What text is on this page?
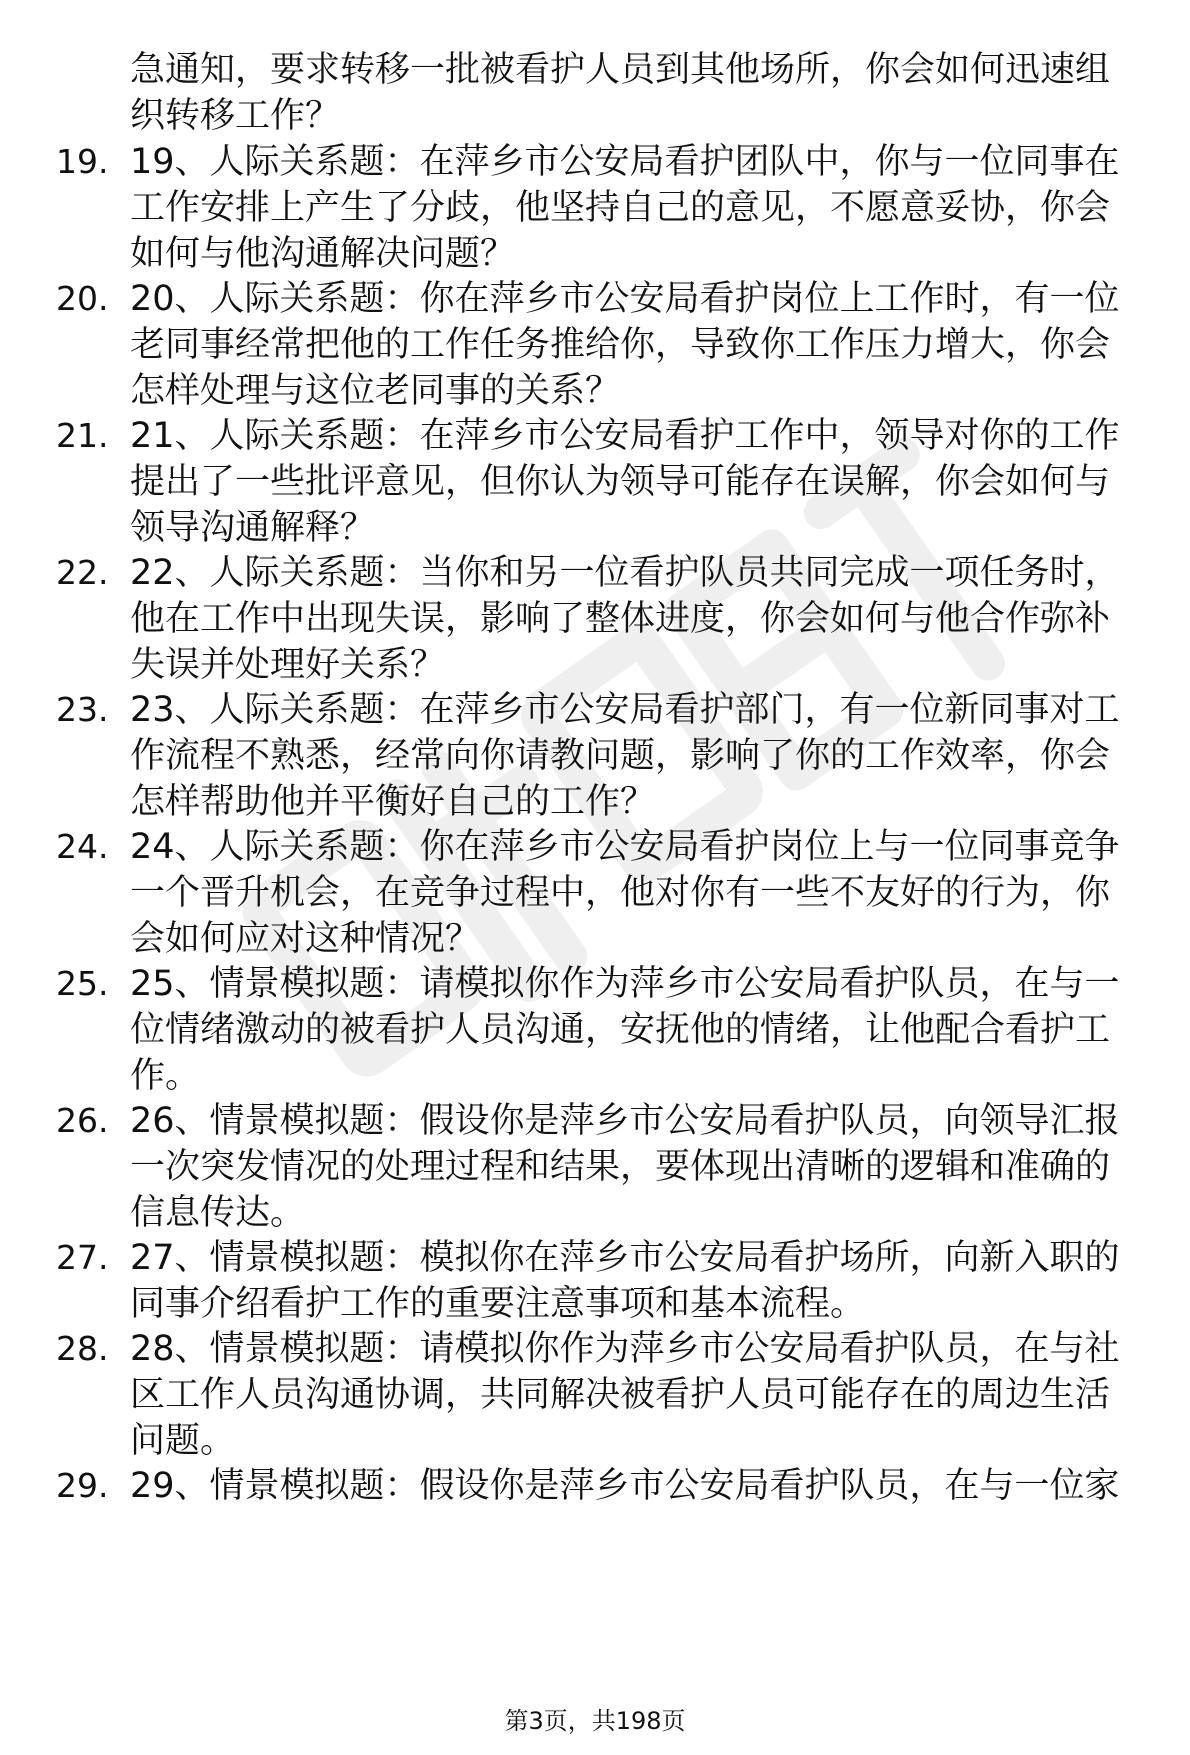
急通知，要求转移一批被看护人员到其他场所，你会如何迅速组
织转移工作？
19. 19、人际关系题：在萍乡市公安局看护团队中，你与一位同事在
工作安排上产生了分歧，他坚持自己的意见，不愿意妥协，你会
如何与他沟通解决问题？
20. 20、人际关系题：你在萍乡市公安局看护岗位上工作时，有一位
老同事经常把他的工作任务推给你，导致你工作压力增大，你会
怎样处理与这位老同事的关系？
21. 21、人际关系题：在萍乡市公安局看护工作中，领导对你的工作
提出了一些批评意见，但你认为领导可能存在误解，你会如何与
领导沟通解释？
22. 22、人际关系题：当你和另一位看护队员共同完成一项任务时，
他在工作中出现失误，影响了整体进度，你会如何与他合作弥补
失误并处理好关系？
23. 23、人际关系题：在萍乡市公安局看护部门，有一位新同事对工
作流程不熟悉，经常向你请教问题，影响了你的工作效率，你会
怎样帮助他并平衡好自己的工作？
24. 24、人际关系题：你在萍乡市公安局看护岗位上与一位同事竞争
一个晋升机会，在竞争过程中，他对你有一些不友好的行为，你
会如何应对这种情况？
25. 25、情景模拟题：请模拟你作为萍乡市公安局看护队员，在与一
位情绪激动的被看护人员沟通，安抚他的情绪，让他配合看护工
作。
26. 26、情景模拟题：假设你是萍乡市公安局看护队员，向领导汇报
一次突发情况的处理过程和结果，要体现出清晰的逻辑和准确的
信息传达。
27. 27、情景模拟题：模拟你在萍乡市公安局看护场所，向新入职的
同事介绍看护工作的重要注意事项和基本流程。
28. 28、情景模拟题：请模拟你作为萍乡市公安局看护队员，在与社
区工作人员沟通协调，共同解决被看护人员可能存在的周边生活
问题。
29. 29、情景模拟题：假设你是萍乡市公安局看护队员，在与一位家
第3页，共198页
